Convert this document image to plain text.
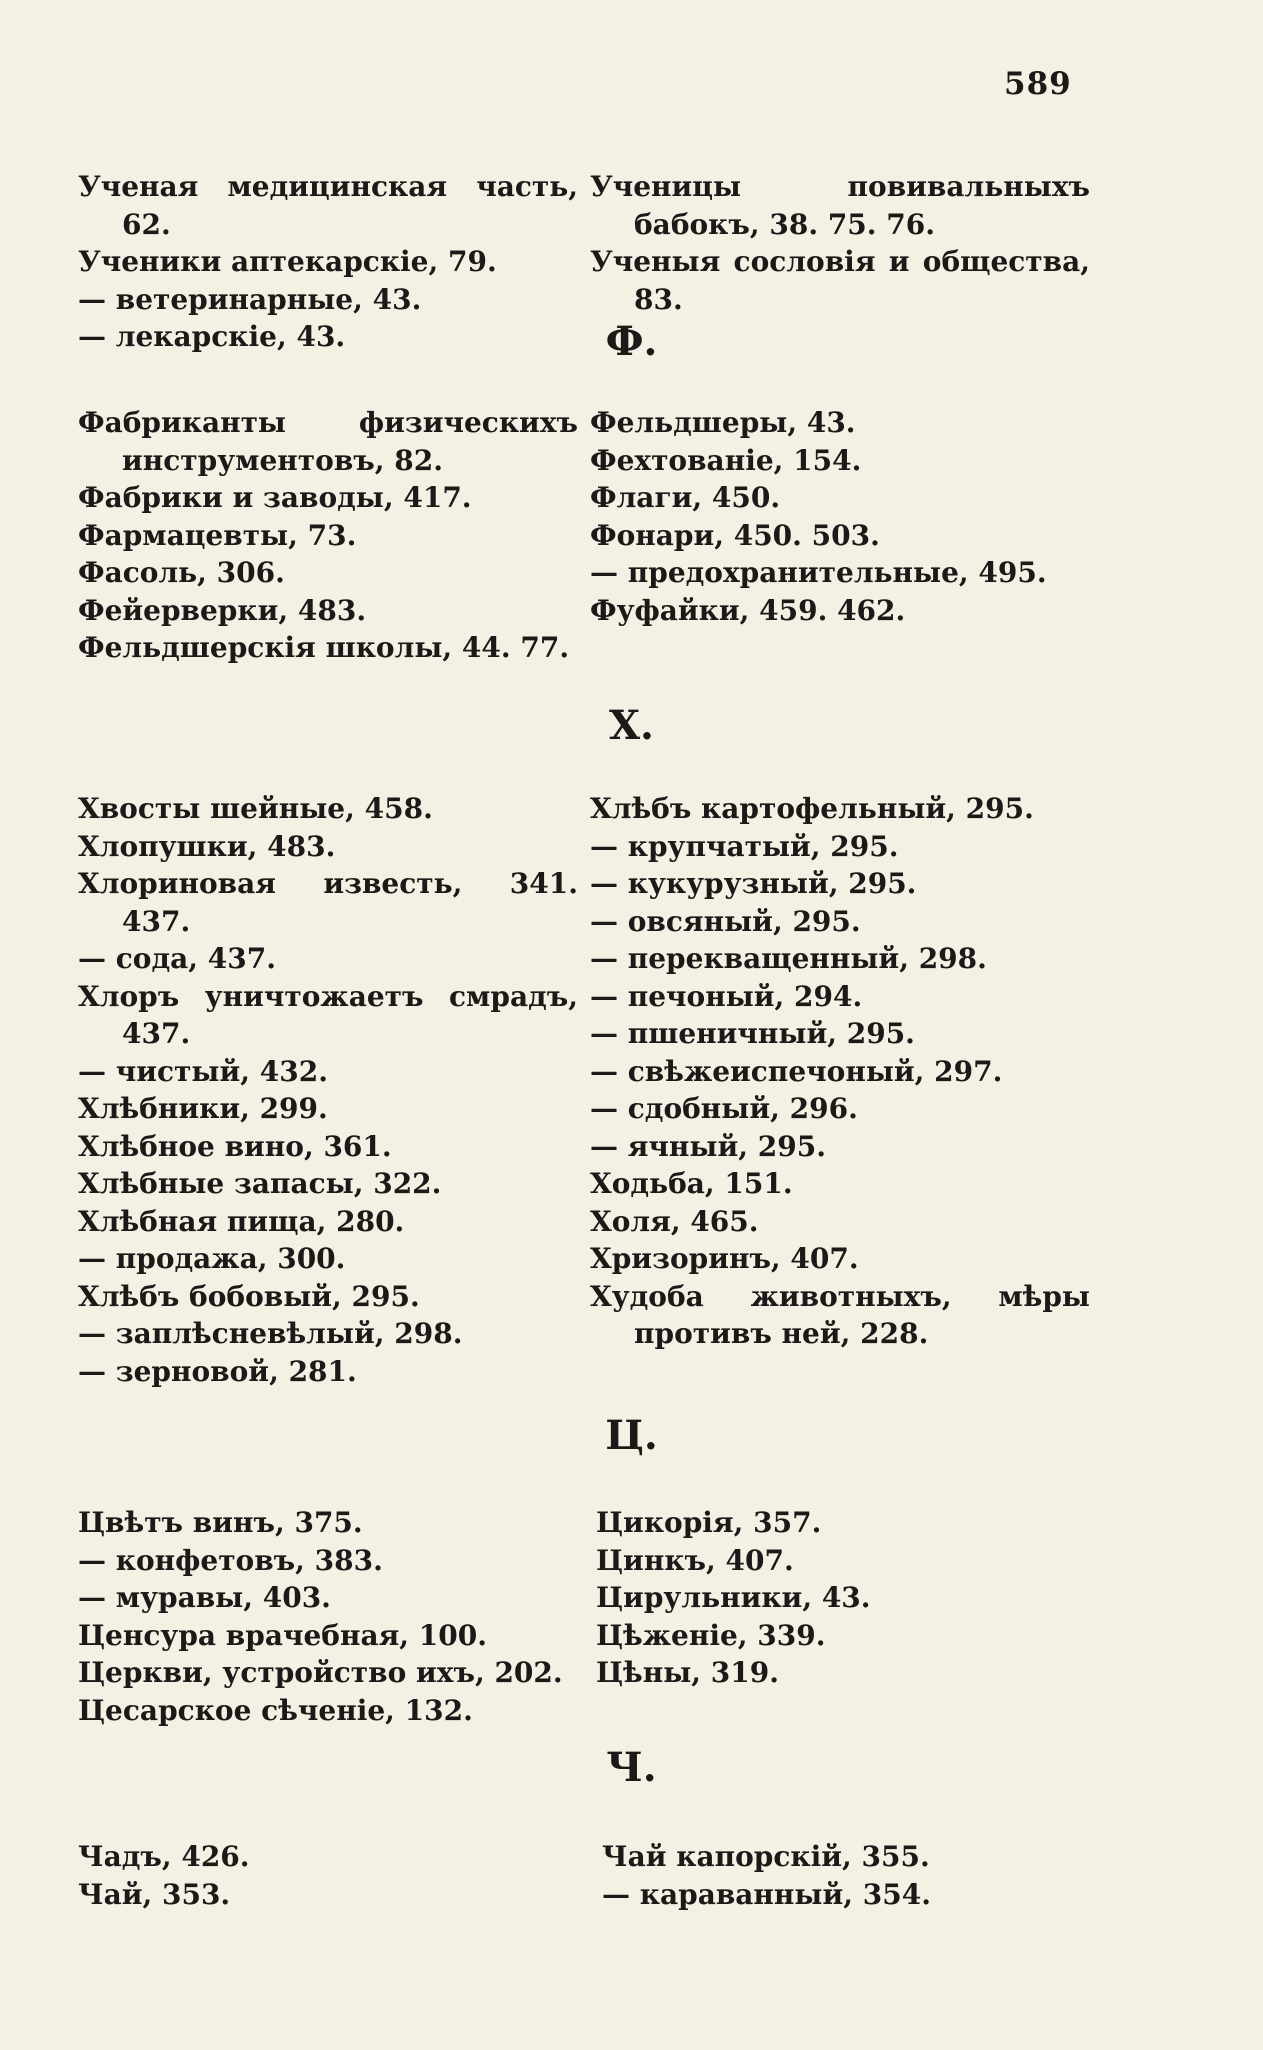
589

Ученая медицинская часть, 62.

Ученики аптекарскіе, 79.

— ветеринарные, 43.

— лекарскіе, 43.

Ученицы повивальныхъ бабокъ, 38. 75. 76.

Ученыя сословія и общества, 83.

Ф.

Фабриканты физическихъ инструментовъ, 82.

Фабрики и заводы, 417.

Фармацевты, 73.

Фасоль, 306.

Фейерверки, 483.

Фельдшерскія школы, 44. 77.

Фельдшеры, 43.

Фехтованіе, 154.

Флаги, 450.

Фонари, 450. 503.

— предохранительные, 495.

Фуфайки, 459. 462.

Х.

Хвосты шейные, 458.

Хлопушки, 483.

Хлориновая известь, 341. 437.

— сода, 437.

Хлоръ уничтожаетъ смрадъ, 437.

— чистый, 432.

Хлѣбники, 299.

Хлѣбное вино, 361.

Хлѣбные запасы, 322.

Хлѣбная пища, 280.

— продажа, 300.

Хлѣбъ бобовый, 295.

— заплѣсневѣлый, 298.

— зерновой, 281.

Хлѣбъ картофельный, 295.

— крупчатый, 295.

— кукурузный, 295.

— овсяный, 295.

— перекващенный, 298.

— печоный, 294.

— пшеничный, 295.

— свѣжеиспечоный, 297.

— сдобный, 296.

— ячный, 295.

Ходьба, 151.

Холя, 465.

Хризоринъ, 407.

Худоба животныхъ, мѣры противъ ней, 228.

Ц.

Цвѣтъ винъ, 375.

— конфетовъ, 383.

— муравы, 403.

Ценсура врачебная, 100.

Церкви, устройство ихъ, 202.

Цесарское сѣченіе, 132.

Цикорія, 357.

Цинкъ, 407.

Цирульники, 43.

Цѣженіе, 339.

Цѣны, 319.

Ч.

Чадъ, 426.

Чай, 353.

Чай капорскій, 355.

— караванный, 354.
